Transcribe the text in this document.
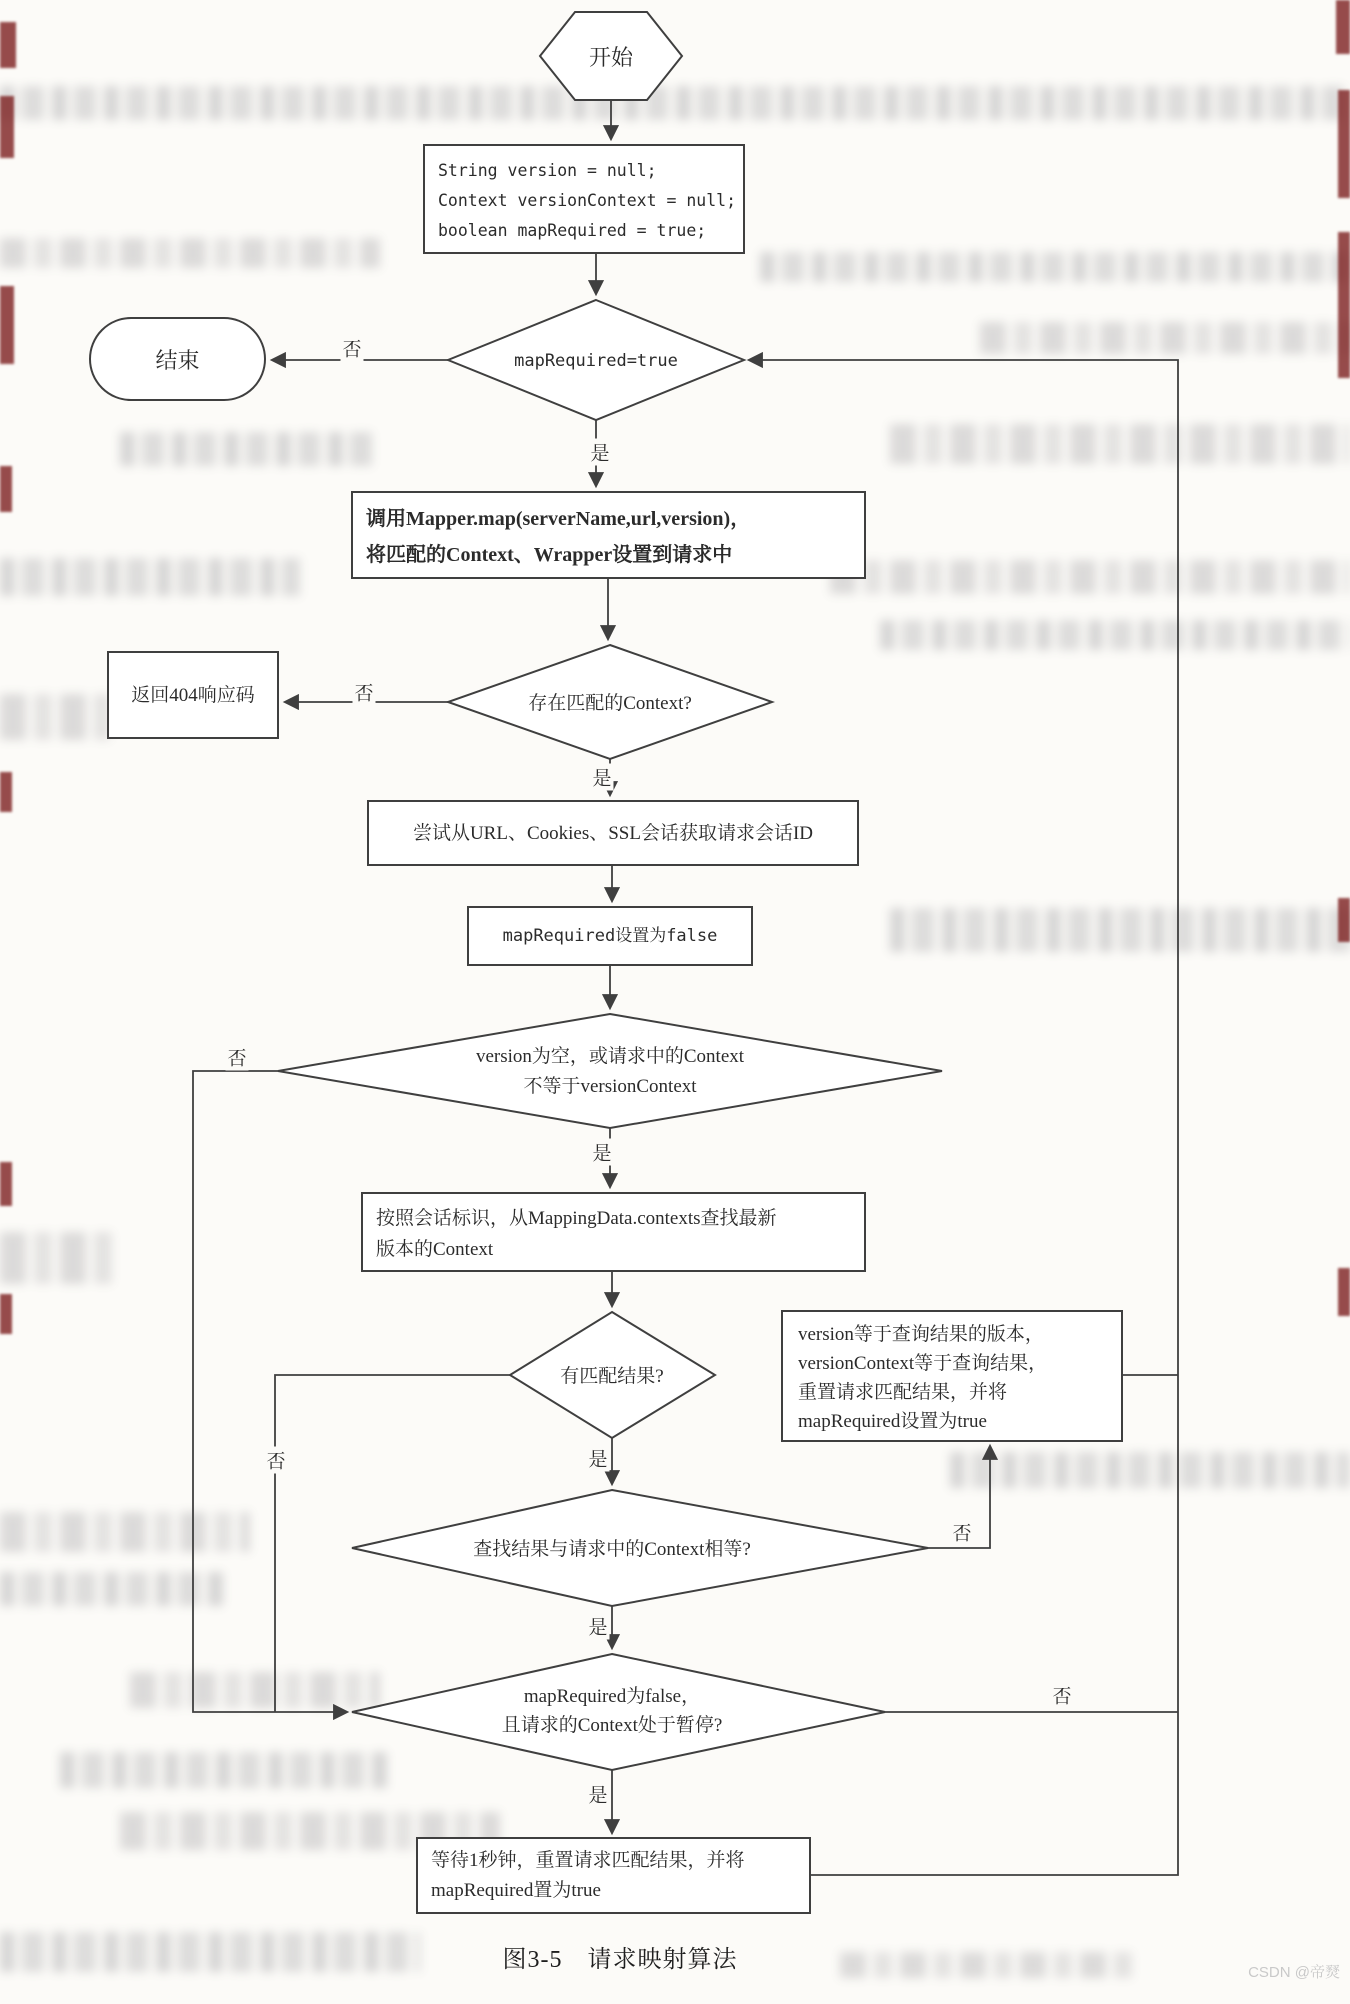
开始
String version = null;
Context versionContext = null;
boolean mapRequired = true;
mapRequired=true
结束
调用Mapper.map(serverName,url,version)，
将匹配的Context、Wrapper设置到请求中
存在匹配的Context?
返回404响应码
尝试从URL、Cookies、SSL会话获取请求会话ID
mapRequired设置为false
version为空，或请求中的Context
不等于versionContext
按照会话标识，从MappingData.contexts查找最新
版本的Context
有匹配结果?
version等于查询结果的版本，
versionContext等于查询结果，
重置请求匹配结果，并将
mapRequired设置为true
查找结果与请求中的Context相等?
mapRequired为false，
且请求的Context处于暂停?
等待1秒钟，重置请求匹配结果，并将
mapRequired置为true
否
是
否
是
否
是
否	是
否
是
否
是
图3-5　请求映射算法	CSDN @帝燹
